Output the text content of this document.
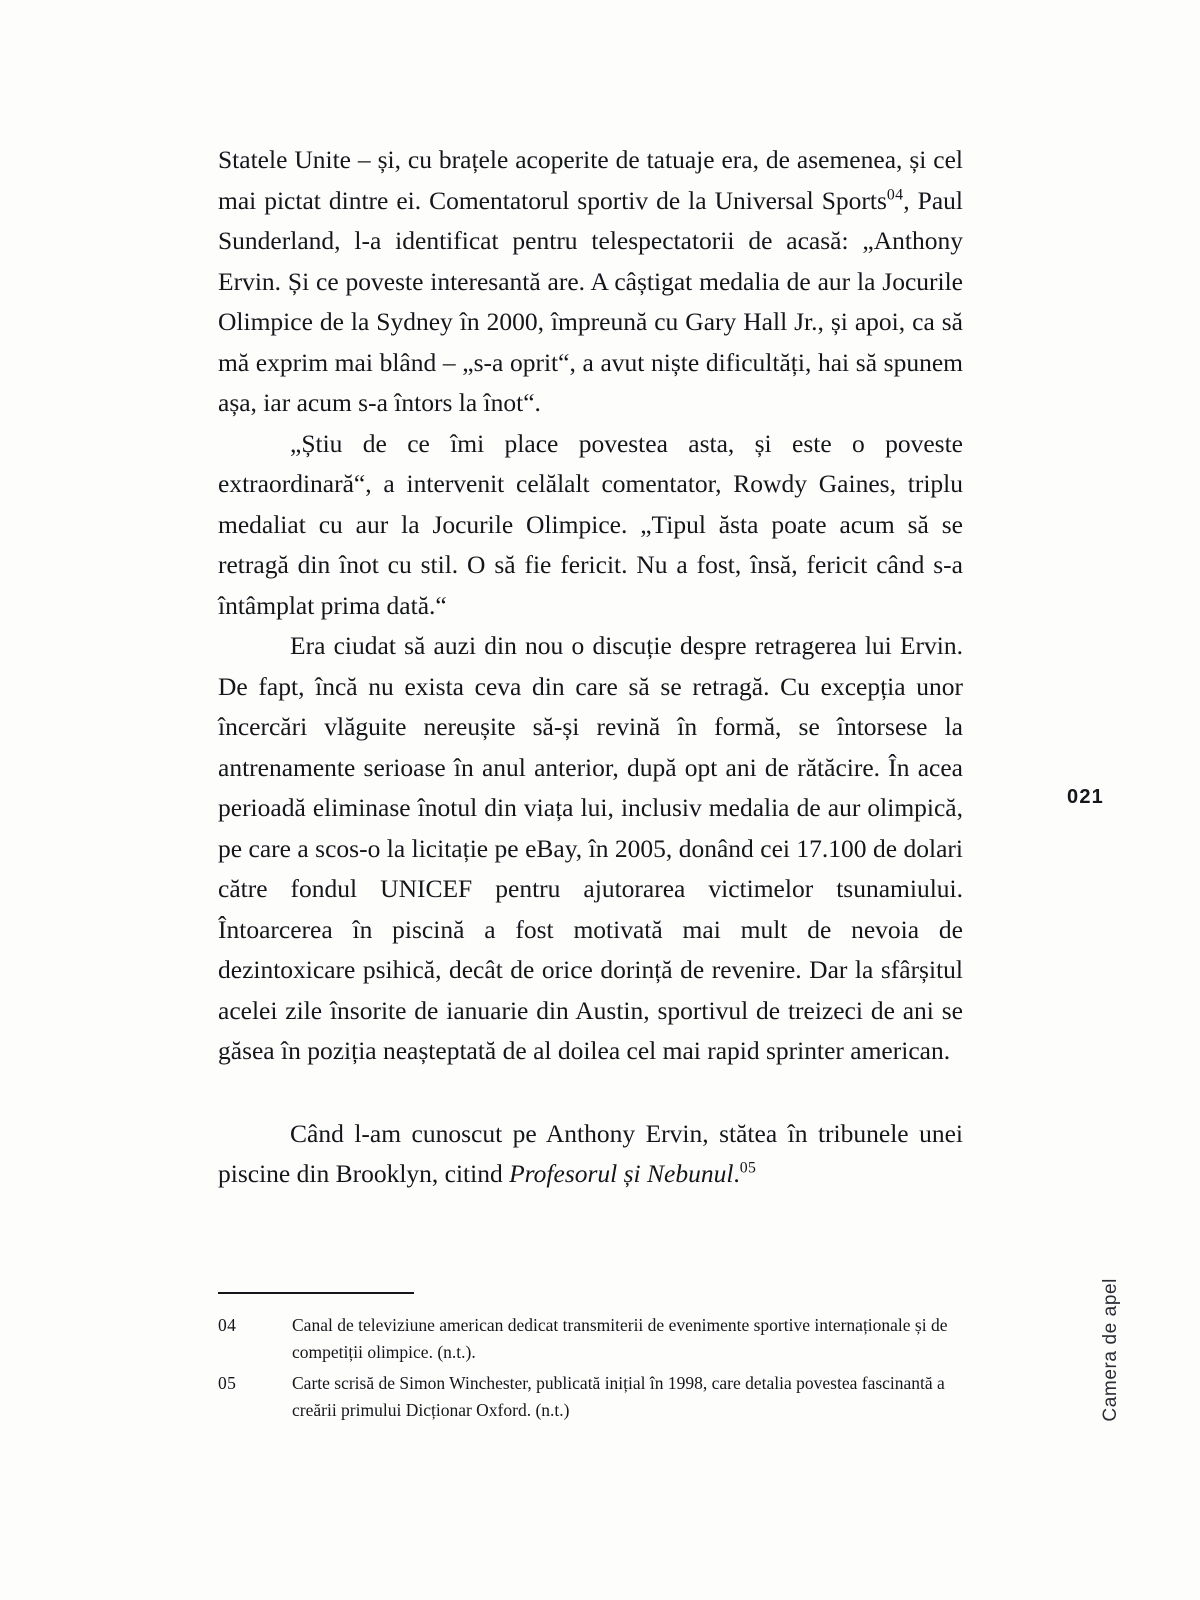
Statele Unite – și, cu brațele acoperite de tatuaje era, de asemenea, și cel mai pictat dintre ei. Comentatorul sportiv de la Universal Sports$^{04}$, Paul Sunderland, l-a identificat pentru telespectatorii de acasă: „Anthony Ervin. Și ce poveste interesantă are. A câștigat medalia de aur la Jocurile Olimpice de la Sydney în 2000, împreună cu Gary Hall Jr., și apoi, ca să mă exprim mai blând – „s-a oprit“, a avut niște dificultăți, hai să spunem așa, iar acum s-a întors la înot“.

„Știu de ce îmi place povestea asta, și este o poveste extraordinară“, a intervenit celălalt comentator, Rowdy Gaines, triplu medaliat cu aur la Jocurile Olimpice. „Tipul ăsta poate acum să se retragă din înot cu stil. O să fie fericit. Nu a fost, însă, fericit când s-a întâmplat prima dată.“

Era ciudat să auzi din nou o discuție despre retragerea lui Ervin. De fapt, încă nu exista ceva din care să se retragă. Cu excepția unor încercări vlăguite nereușite să-și revină în formă, se întorsese la antrenamente serioase în anul anterior, după opt ani de rătăcire. În acea perioadă eliminase înotul din viața lui, inclusiv medalia de aur olimpică, pe care a scos-o la licitație pe eBay, în 2005, donând cei 17.100 de dolari către fondul UNICEF pentru ajutorarea victimelor tsunamiului. Întoarcerea în piscină a fost motivată mai mult de nevoia de dezintoxicare psihică, decât de orice dorință de revenire. Dar la sfârșitul acelei zile însorite de ianuarie din Austin, sportivul de treizeci de ani se găsea în poziția neașteptată de al doilea cel mai rapid sprinter american.

Când l-am cunoscut pe Anthony Ervin, stătea în tribunele unei piscine din Brooklyn, citind Profesorul și Nebunul.$^{05}$

021
Camera de apel
04	Canal de televiziune american dedicat transmiterii de evenimente sportive internaționale și de competiții olimpice. (n.t.).
05	Carte scrisă de Simon Winchester, publicată inițial în 1998, care detalia povestea fascinantă a creării primului Dicționar Oxford. (n.t.)
